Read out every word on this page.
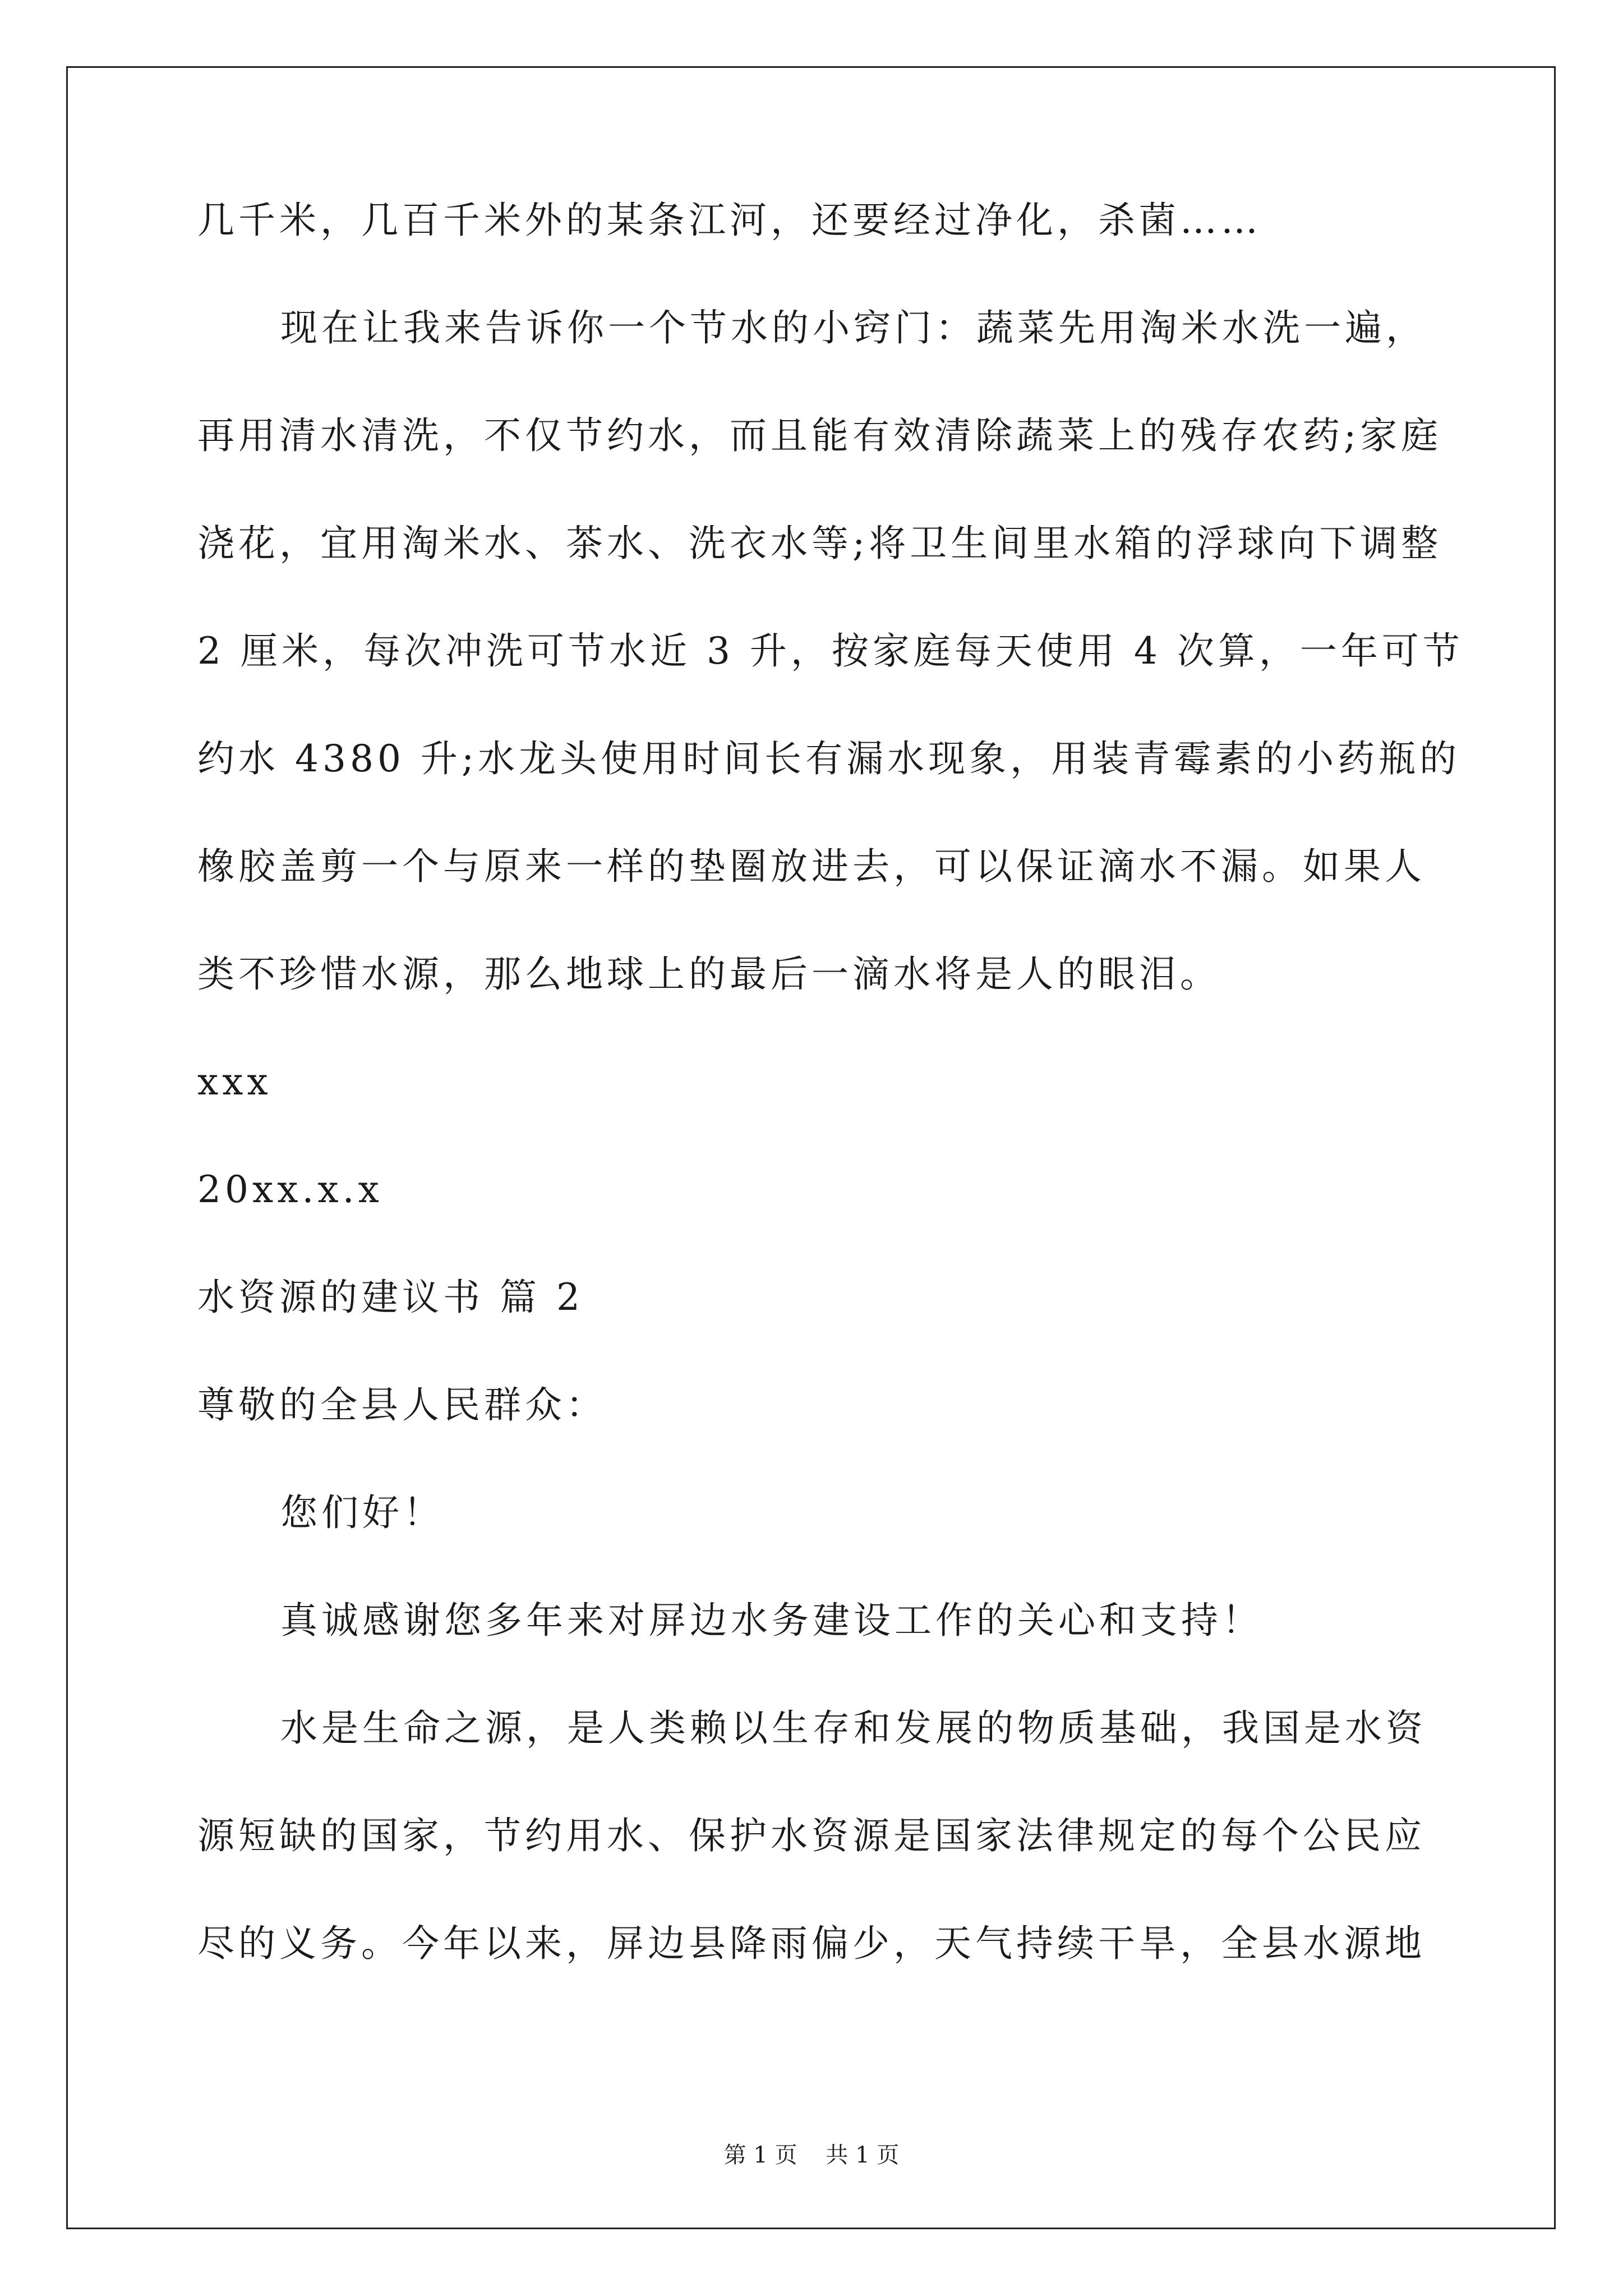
几千米，几百千米外的某条江河，还要经过净化，杀菌……
现在让我来告诉你一个节水的小窍门：蔬菜先用淘米水洗一遍，
再用清水清洗，不仅节约水，而且能有效清除蔬菜上的残存农药;家庭
浇花，宜用淘米水、茶水、洗衣水等;将卫生间里水箱的浮球向下调整
2 厘米，每次冲洗可节水近 3 升，按家庭每天使用 4 次算，一年可节
约水 4380 升;水龙头使用时间长有漏水现象，用装青霉素的小药瓶的
橡胶盖剪一个与原来一样的垫圈放进去，可以保证滴水不漏。如果人
类不珍惜水源，那么地球上的最后一滴水将是人的眼泪。
xxx
20xx.x.x
水资源的建议书 篇 2
尊敬的全县人民群众：
您们好！
真诚感谢您多年来对屏边水务建设工作的关心和支持！
水是生命之源，是人类赖以生存和发展的物质基础，我国是水资
源短缺的国家，节约用水、保护水资源是国家法律规定的每个公民应
尽的义务。今年以来，屏边县降雨偏少，天气持续干旱，全县水源地
第 1 页    共 1 页
